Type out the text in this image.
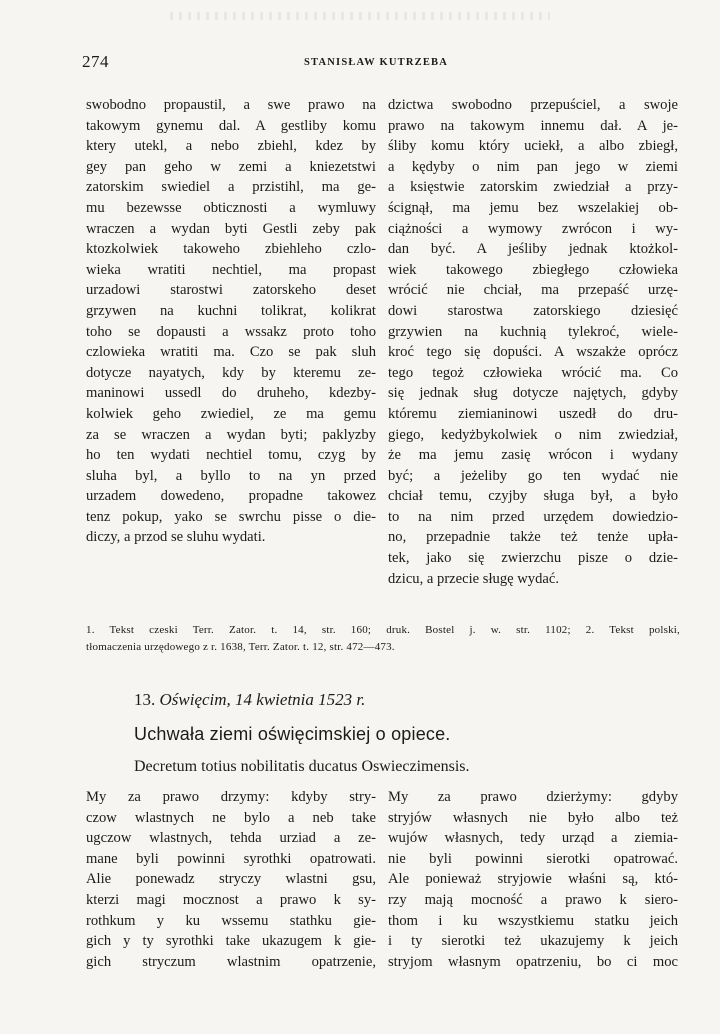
274	STANISŁAW KUTRZEBA
swobodno propaustil, a swe prawo na
takowym gynemu dal. A gestliby komu
ktery utekl, a nebo zbiehl, kdez by
gey pan geho w zemi a kniezetstwi
zatorskim swiediel a przistihl, ma ge-
mu bezewsse obticznosti a wymluwy
wraczen a wydan byti Gestli zeby pak
ktozkolwiek takoweho zbiehleho czlo-
wieka wratiti nechtiel, ma propast
urzadowi starostwi zatorskeho deset
grzywen na kuchni tolikrat, kolikrat
toho se dopausti a wssakz proto toho
czlowieka wratiti ma. Czo se pak sluh
dotycze nayatych, kdy by kteremu ze-
maninowi ussedl do druheho, kdezby-
kolwiek geho zwiediel, ze ma gemu
za se wraczen a wydan byti; paklyzby
ho ten wydati nechtiel tomu, czyg by
sluha byl, a byllo to na yn przed
urzadem dowedeno, propadne takowez
tenz pokup, yako se swrchu pisse o die-
diczy, a przod se sluhu wydati.
dzictwa swobodno przepuściel, a swoje
prawo na takowym innemu dał. A je-
śliby komu który uciekł, a albo zbiegł,
a kędyby o nim pan jego w ziemi
a księstwie zatorskim zwiedział a przy-
ścignął, ma jemu bez wszelakiej ob-
ciążności a wymowy zwrócon i wy-
dan być. A jeśliby jednak ktożkol-
wiek takowego zbiegłego człowieka
wrócić nie chciał, ma przepaść urzę-
dowi starostwa zatorskiego dziesięć
grzywien na kuchnią tylekroć, wiele-
kroć tego się dopuści. A wszakże oprócz
tego tegoż człowieka wrócić ma. Co
się jednak sług dotycze najętych, gdyby
któremu ziemianinowi uszedł do dru-
giego, kedyżbykolwiek o nim zwiedział,
że ma jemu zasię wrócon i wydany
być; a jeżeliby go ten wydać nie
chciał temu, czyjby sługa był, a było
to na nim przed urzędem dowiedzio-
no, przepadnie także też tenże upła-
tek, jako się zwierzchu pisze o dzie-
dzicu, a przecie sługę wydać.
1. Tekst czeski Terr. Zator. t. 14, str. 160; druk. Bostel j. w. str. 1102; 2. Tekst polski,
tłomaczenia urzędowego z r. 1638, Terr. Zator. t. 12, str. 472—473.
13. Oświęcim, 14 kwietnia 1523 r.
Uchwała ziemi oświęcimskiej o opiece.
Decretum totius nobilitatis ducatus Oswieczimensis.
My za prawo drzymy: kdyby stry-
czow wlastnych ne bylo a neb take
ugczow wlastnych, tehda urziad a ze-
mane byli powinni syrothki opatrowati.
Alie ponewadz stryczy wlastni gsu,
kterzi magi mocznost a prawo k sy-
rothkum y ku wssemu stathku gie-
gich y ty syrothki take ukazugem k gie-
gich stryczum wlastnim opatrzenie,
My za prawo dzierżymy: gdyby
stryjów własnych nie było albo też
wujów własnych, tedy urząd a ziemia-
nie byli powinni sierotki opatrować.
Ale ponieważ stryjowie właśni są, któ-
rzy mają mocność a prawo k siero-
thom i ku wszystkiemu statku jeich
i ty sierotki też ukazujemy k jeich
stryjom własnym opatrzeniu, bo ci moc
